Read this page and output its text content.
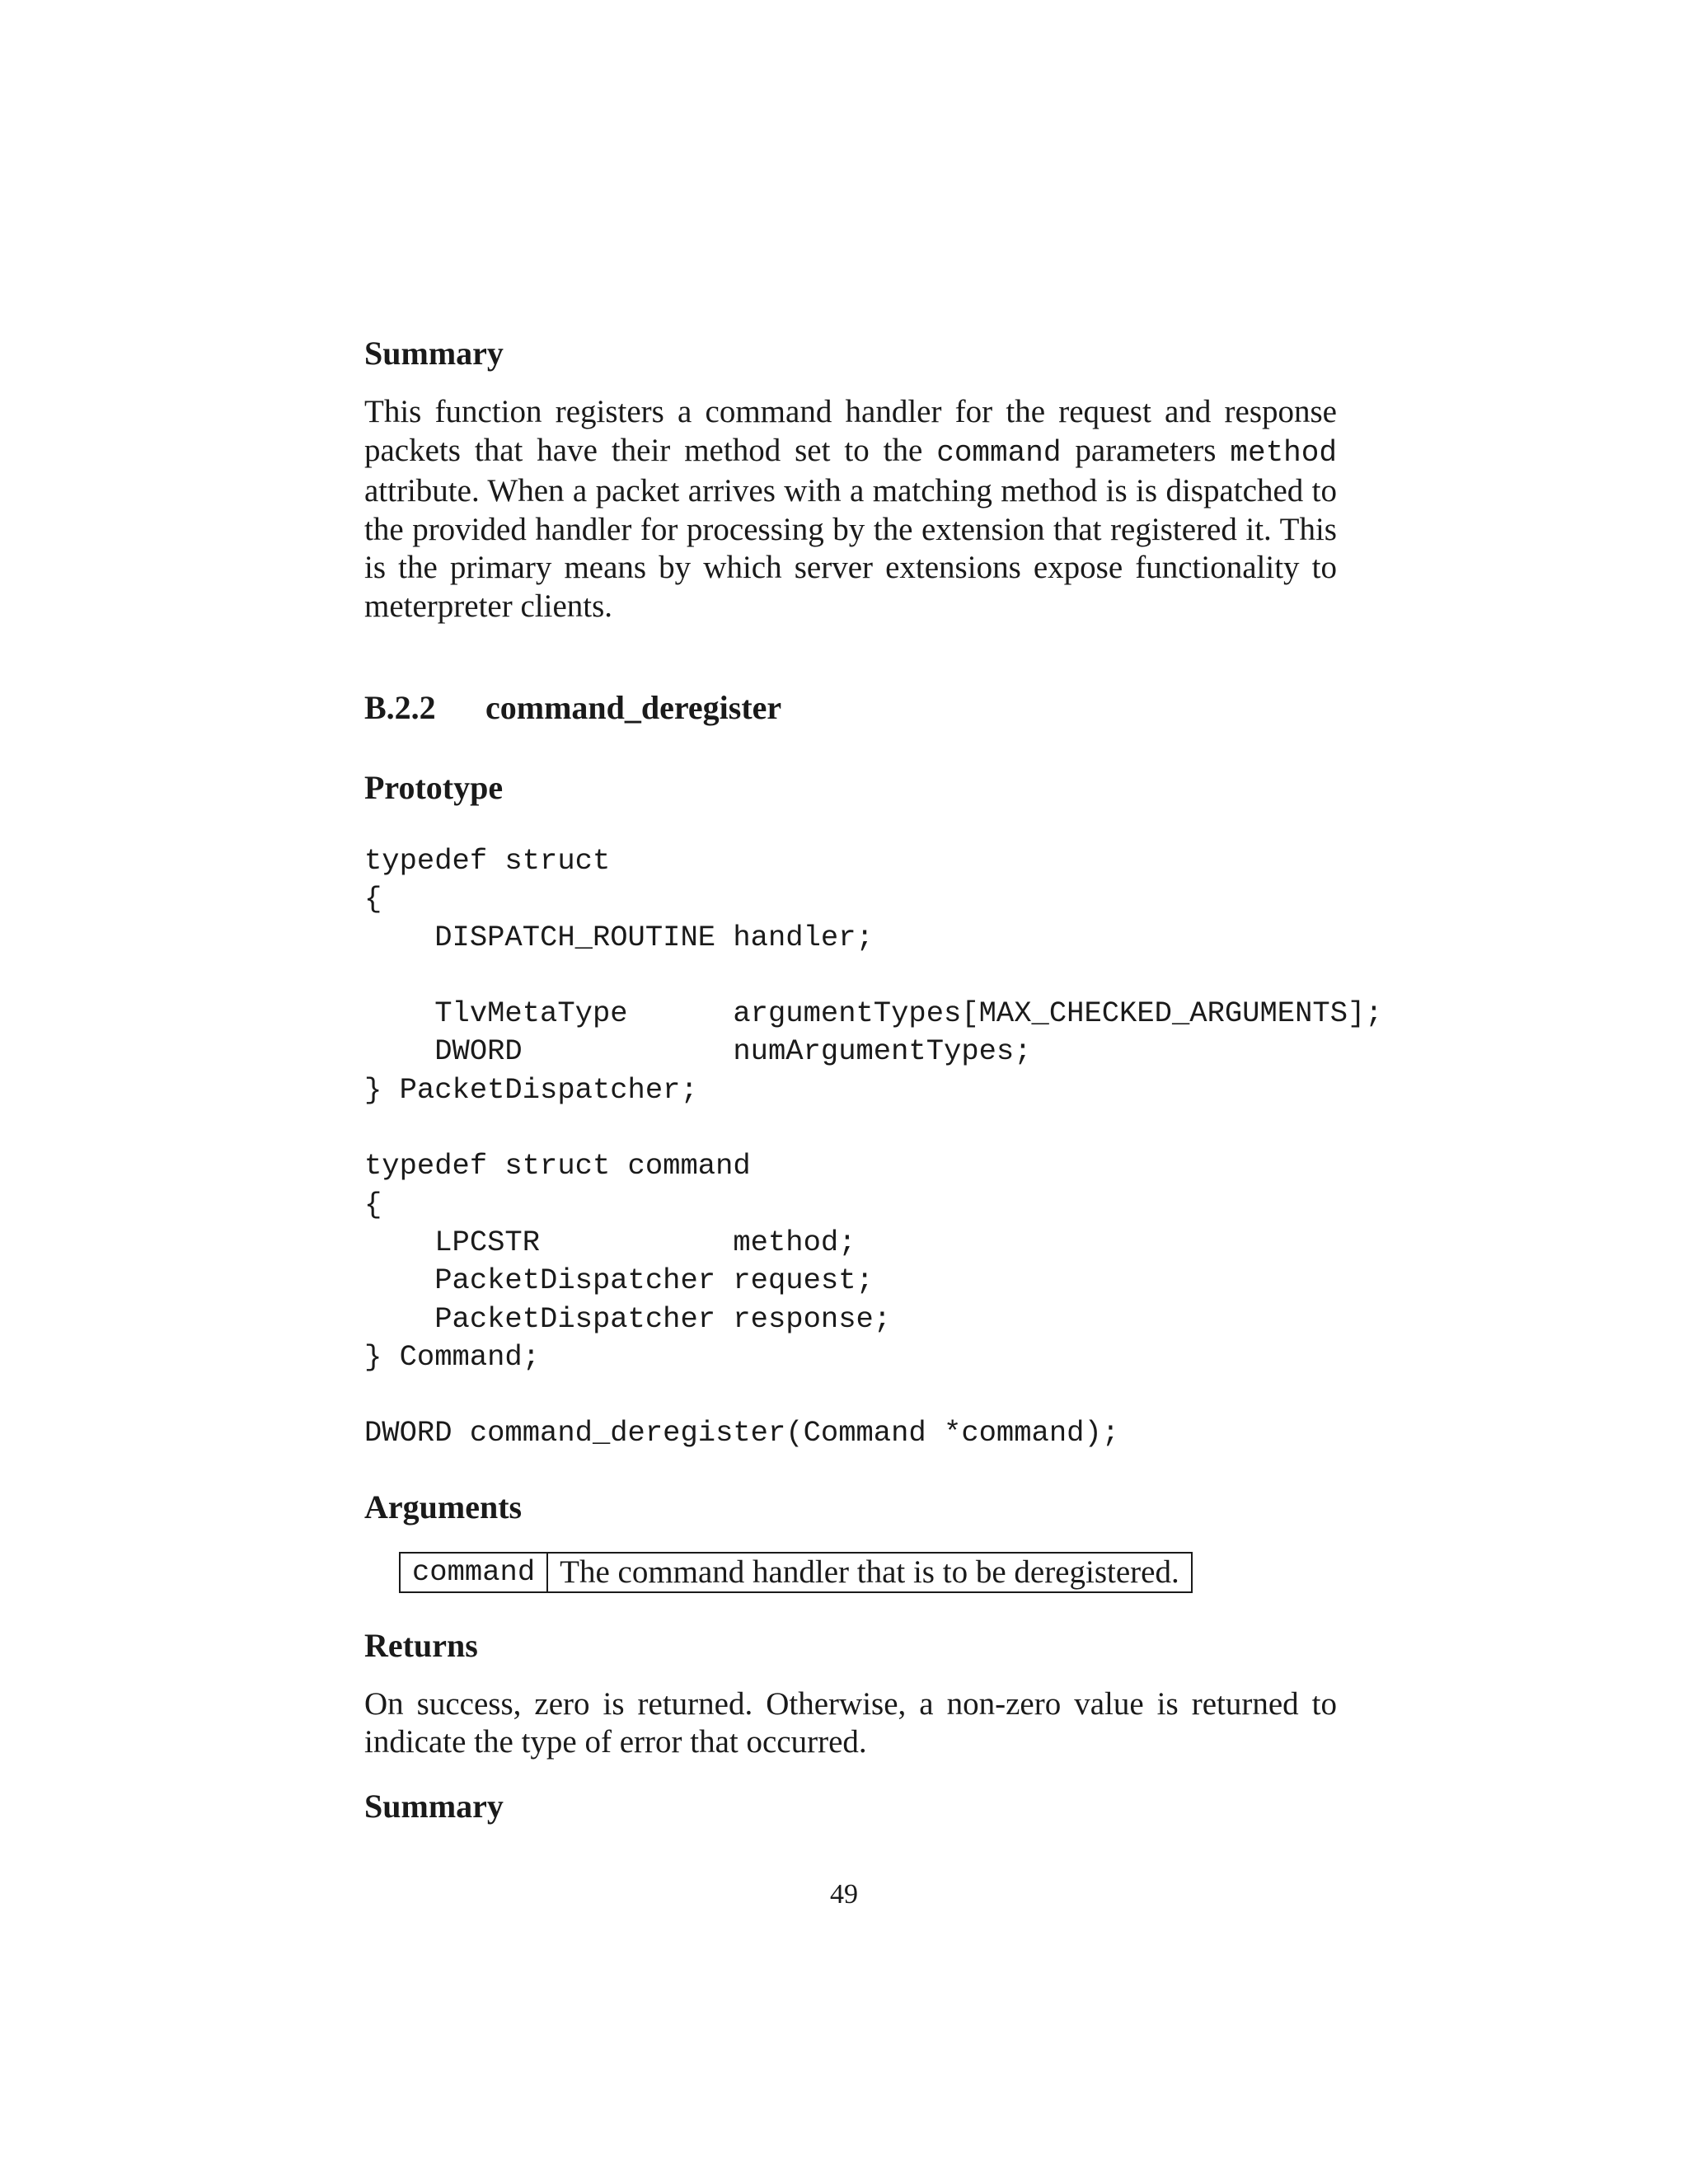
Summary

This function registers a command handler for the request and response packets that have their method set to the command parameters method attribute. When a packet arrives with a matching method is is dispatched to the provided handler for processing by the extension that registered it. This is the primary means by which server extensions expose functionality to meterpreter clients.

B.2.2 command_deregister
Prototype
typedef struct
{
DISPATCH_ROUTINE handler;

TlvMetaType      argumentTypes[MAX_CHECKED_ARGUMENTS];
DWORD            numArgumentTypes;
} PacketDispatcher;

typedef struct command
{
LPCSTR           method;
PacketDispatcher request;
PacketDispatcher response;
} Command;

DWORD command_deregister(Command *command);
Arguments
command	The command handler that is to be deregistered.
Returns

On success, zero is returned. Otherwise, a non-zero value is returned to indicate the type of error that occurred.

Summary
49
